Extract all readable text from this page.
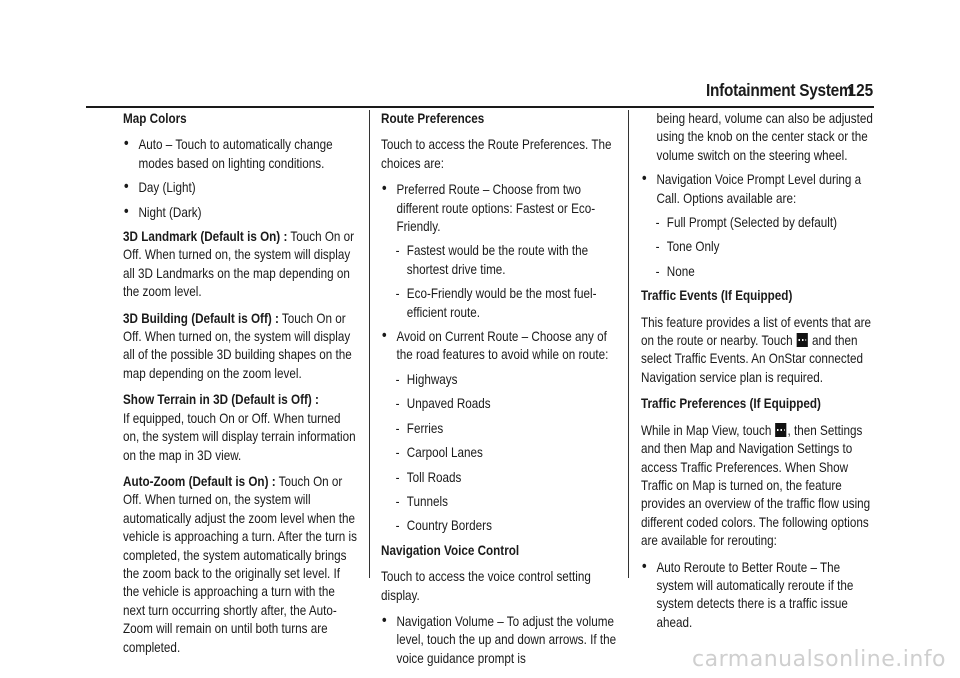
Infotainment System
125
Map Colors
• Auto – Touch to automatically change modes based on lighting conditions.
• Day (Light)
• Night (Dark)
3D Landmark (Default is On) : Touch On or Off. When turned on, the system will display all 3D Landmarks on the map depending on the zoom level.
3D Building (Default is Off) : Touch On or Off. When turned on, the system will display all of the possible 3D building shapes on the map depending on the zoom level.
Show Terrain in 3D (Default is Off) :
If equipped, touch On or Off. When turned on, the system will display terrain information on the map in 3D view.
Auto-Zoom (Default is On) : Touch On or Off. When turned on, the system will automatically adjust the zoom level when the vehicle is approaching a turn. After the turn is completed, the system automatically brings the zoom back to the originally set level. If the vehicle is approaching a turn with the next turn occurring shortly after, the Auto-Zoom will remain on until both turns are completed.
Route Preferences
Touch to access the Route Preferences. The choices are:
• Preferred Route – Choose from two different route options: Fastest or Eco-Friendly.
- Fastest would be the route with the shortest drive time.
- Eco-Friendly would be the most fuel-efficient route.
• Avoid on Current Route – Choose any of the road features to avoid while on route:
- Highways
- Unpaved Roads
- Ferries
- Carpool Lanes
- Toll Roads
- Tunnels
- Country Borders
Navigation Voice Control
Touch to access the voice control setting display.
• Navigation Volume – To adjust the volume level, touch the up and down arrows. If the voice guidance prompt is
being heard, volume can also be adjusted using the knob on the center stack or the volume switch on the steering wheel.
• Navigation Voice Prompt Level during a Call. Options available are:
- Full Prompt (Selected by default)
- Tone Only
- None
Traffic Events (If Equipped)
This feature provides a list of events that are on the route or nearby. Touch  and then select Traffic Events. An OnStar connected Navigation service plan is required.
Traffic Preferences (If Equipped)
While in Map View, touch , then Settings and then Map and Navigation Settings to access Traffic Preferences. When Show Traffic on Map is turned on, the feature provides an overview of the traffic flow using different coded colors. The following options are available for rerouting:
• Auto Reroute to Better Route – The system will automatically reroute if the system detects there is a traffic issue ahead.
carmanualsonline.info
